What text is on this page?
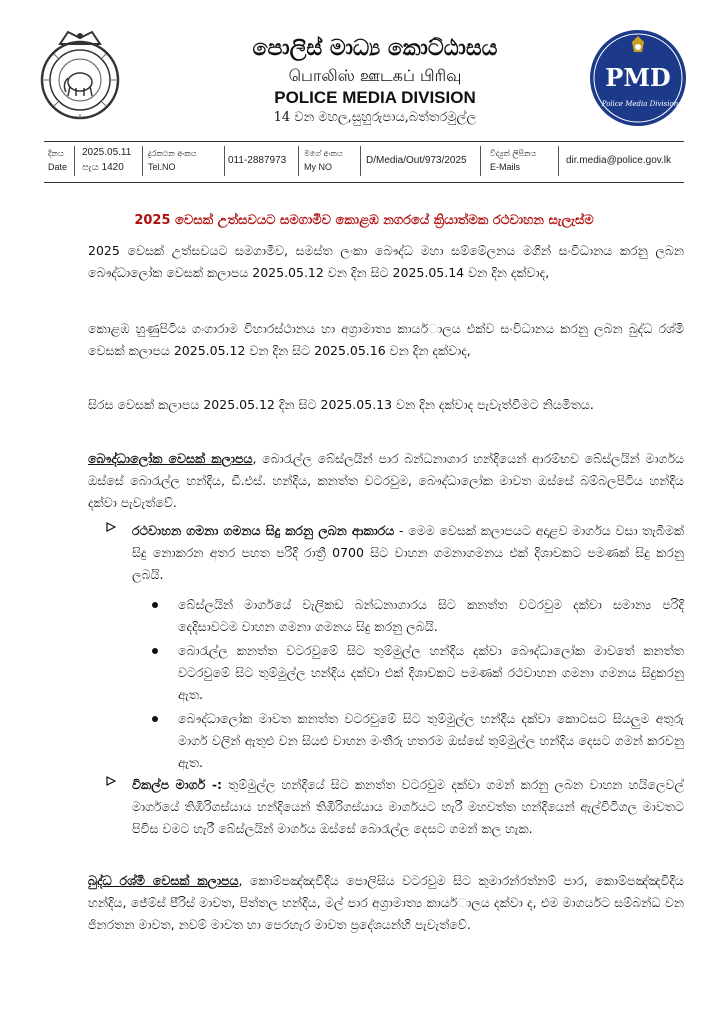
පොලිස් මාධ්‍ය කොට්ඨාසය
பொலிஸ் ஊடகப் பிரிவு
POLICE MEDIA DIVISION
14 වන මහල,සුහුරුපාය,බත්තරමුල්ල
PMD
Police Media Division
දිනය
Date
2025.05.11
පැය 1420
දුරකථන අංකය
Tel.NO
011-2887973
මගේ අංකය
My NO
D/Media/Out/973/2025
විද්‍යුත් ලිපිනය
E-Mails
dir.media@police.gov.lk
2025 වෙසක් උත්සවයට සමගාමීව කොළඹ නගරයේ ක්‍රියාත්මක රථවාහන සැලැස්ම
2025 වෙසක් උත්සවයට සමගාමීව, සමස්ත ලංකා බෞද්ධ මහා සම්මේලනය මගින් සංවිධානය කරනු ලබන බෞද්ධාලෝක වෙසක් කලාපය 2025.05.12 වන දින සිට 2025.05.14 වන දින දක්වාද,
කොළඹ හුණුපිටිය ගංගාරාම විහාරස්ථානය හා අග්‍රාමාත්‍ය කායර්ාලය එක්ව සංවිධානය කරනු ලබන බුද්ධ රශ්මි වෙසක් කලාපය 2025.05.12 වන දින සිට 2025.05.16 වන දින දක්වාද,
සිරස වෙසක් කලාපය 2025.05.12 දින සිට 2025.05.13 වන දින දක්වාද පැවැත්වීමට නියමිතය.
බෞද්ධාලෝක වෙසක් කලාපය, බොරැල්ල බේස්ලයින් පාර බන්ධනාගාර හන්දියෙන් ආරම්භව බේස්ලයින් මාර්ගය ඔස්සේ බොරැල්ල හන්දිය, ඩී.එස්. හන්දිය, කනත්ත වටරවුම, බෞද්ධාලෝක මාවත ඔස්සේ බම්බලපිටිය හන්දිය දක්වා පැවැත්වේ.
රථවාහන ගමනා ගමනය සිදු කරනු ලබන ආකාරය - මෙම වෙසක් කලාපයට අදාළව මාර්ගය වසා තැබීමක් සිදු නොකරන අතර පහත පරිදි රාත්‍රී 0700 සිට වාහන ගමනාගමනය එක් දිශාවකට පමණක් සිදු කරනු ලබයි.
බේස්ලයින් මාර්ගයේ වැලිකඩ බන්ධනාගාරය සිට කනත්ත වටරවුම දක්වා සමාන්‍ය පරිදි දෙදිසාවටම වාහන ගමනා ගමනය සිදු කරනු ලබයි.
බොරැල්ල කනත්ත වටරවුමේ සිට තුම්මුල්ල හන්දිය දක්වා බෞද්ධාලෝක මාවතේ කනත්ත වටරවුමේ සිට තුම්මුල්ල හන්දිය දක්වා එක් දිශාවකට පමණක් රථවාහන ගමනා ගමනය සිදුකරනු ඇත.
බෞද්ධාලෝක මාවත කනත්ත වටරවුමේ සිට තුම්මුල්ල හන්දිය දක්වා කොටසට සියලුම අතුරු මාගර් වලින් ඇතුළු වන සියළු වාහන මංතීරු හතරම ඔස්සේ තුම්මුල්ල හන්දිය දෙසට ගමන් කරවනු ඇත.
විකල්ප මාගර් -: තුම්මුල්ල හන්දියේ සිට කනත්ත වටරවුම දක්වා ගමන් කරනු ලබන වාහන හයිලෙවල් මාර්ගයේ තිඹිරිගස්යාය හන්දියෙන් තිඹිරිගස්යාය මාර්ගයට හැරී මහවත්ත හන්දියෙන් ඇල්විටිගල මාවතට පිවිස වමට හැරී බේස්ලයින් මාර්ගය ඔස්සේ බොරැල්ල දෙසට ගමන් කල හැක.
බුද්ධ රශ්මි වෙසක් කලාපය, කොම්පඤ්ඤවීදිය පොලිසිය වටරවුම සිට කුමාරන්රත්නම් පාර, කොම්පඤ්ඤවීදිය හන්දිය, ජේම්ස් පීරිස් මාවත, පිත්තල හන්දිය, මල් පාර අග්‍රාමාත්‍ය කායර්ාලය දක්වා ද, එම මාගර්යට සම්බන්ධ වන ජිනරතන මාවත, නවම් මාවත හා පෙරහැර මාවත ප්‍රදේශයන්හි පැවැත්වේ.
